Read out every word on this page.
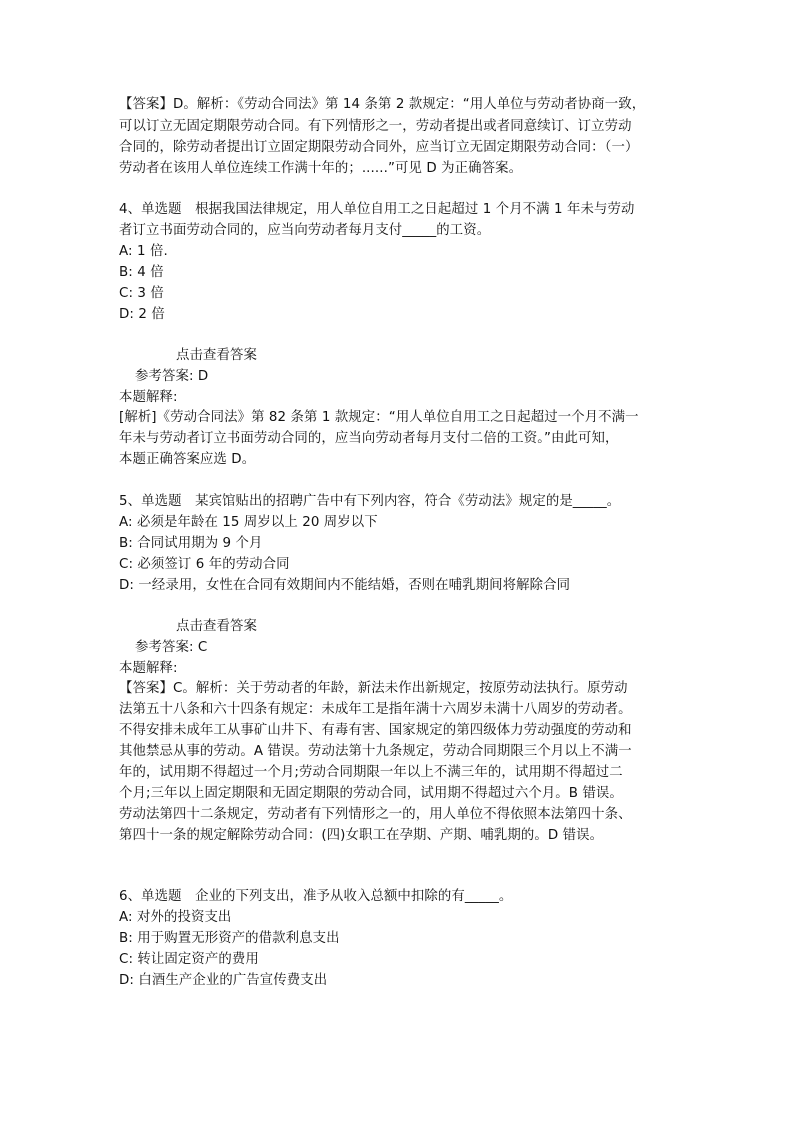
【答案】D。解析：《劳动合同法》第 14 条第 2 款规定：“用人单位与劳动者协商一致，
可以订立无固定期限劳动合同。有下列情形之一，劳动者提出或者同意续订、订立劳动
合同的，除劳动者提出订立固定期限劳动合同外，应当订立无固定期限劳动合同：（一）
劳动者在该用人单位连续工作满十年的；......”可见 D 为正确答案。
4、单选题　根据我国法律规定，用人单位自用工之日起超过 1 个月不满 1 年未与劳动
者订立书面劳动合同的，应当向劳动者每月支付_____的工资。
A: 1 倍.
B: 4 倍
C: 3 倍
D: 2 倍
点击查看答案
参考答案: D
本题解释:
[解析]《劳动合同法》第 82 条第 1 款规定：“用人单位自用工之日起超过一个月不满一
年未与劳动者订立书面劳动合同的，应当向劳动者每月支付二倍的工资。”由此可知，
本题正确答案应选 D。
5、单选题　某宾馆贴出的招聘广告中有下列内容，符合《劳动法》规定的是_____。
A: 必须是年龄在 15 周岁以上 20 周岁以下
B: 合同试用期为 9 个月
C: 必须签订 6 年的劳动合同
D: 一经录用，女性在合同有效期间内不能结婚，否则在哺乳期间将解除合同
点击查看答案
参考答案: C
本题解释:
【答案】C。解析：关于劳动者的年龄，新法未作出新规定，按原劳动法执行。原劳动
法第五十八条和六十四条有规定：未成年工是指年满十六周岁未满十八周岁的劳动者。
不得安排未成年工从事矿山井下、有毒有害、国家规定的第四级体力劳动强度的劳动和
其他禁忌从事的劳动。A 错误。劳动法第十九条规定，劳动合同期限三个月以上不满一
年的，试用期不得超过一个月;劳动合同期限一年以上不满三年的，试用期不得超过二
个月;三年以上固定期限和无固定期限的劳动合同，试用期不得超过六个月。B 错误。
劳动法第四十二条规定，劳动者有下列情形之一的，用人单位不得依照本法第四十条、
第四十一条的规定解除劳动合同：(四)女职工在孕期、产期、哺乳期的。D 错误。
6、单选题　企业的下列支出，准予从收入总额中扣除的有_____。
A: 对外的投资支出
B: 用于购置无形资产的借款利息支出
C: 转让固定资产的费用
D: 白酒生产企业的广告宣传费支出
